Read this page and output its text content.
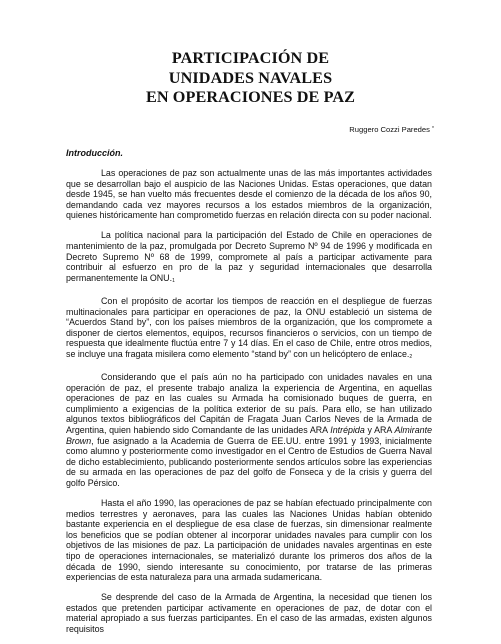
PARTICIPACIÓN DE
UNIDADES NAVALES
EN OPERACIONES DE PAZ
Ruggero Cozzi Paredes *
Introducción.

Las operaciones de paz son actualmente unas de las más importantes actividades que se desarrollan bajo el auspicio de las Naciones Unidas. Estas operaciones, que datan desde 1945, se han vuelto más frecuentes desde el comienzo de la década de los años 90, demandando cada vez mayores recursos a los estados miembros de la organización, quienes históricamente han comprometido fuerzas en relación directa con su poder nacional.

La política nacional para la participación del Estado de Chile en operaciones de mantenimiento de la paz, promulgada por Decreto Supremo Nº 94 de 1996 y modificada en Decreto Supremo Nº 68 de 1999, compromete al país a participar activamente para contribuir al esfuerzo en pro de la paz y seguridad internacionales que desarrolla permanentemente la ONU.1

Con el propósito de acortar los tiempos de reacción en el despliegue de fuerzas multinacionales para participar en operaciones de paz, la ONU estableció un sistema de “Acuerdos Stand by”, con los países miembros de la organización, que los compromete a disponer de ciertos elementos, equipos, recursos financieros o servicios, con un tiempo de respuesta que idealmente fluctúa entre 7 y 14 días. En el caso de Chile, entre otros medios, se incluye una fragata misilera como elemento “stand by” con un helicóptero de enlace.2

Considerando que el país aún no ha participado con unidades navales en una operación de paz, el presente trabajo analiza la experiencia de Argentina, en aquellas operaciones de paz en las cuales su Armada ha comisionado buques de guerra, en cumplimiento a exigencias de la política exterior de su país. Para ello, se han utilizado algunos textos bibliográficos del Capitán de Fragata Juan Carlos Neves de la Armada de Argentina, quien habiendo sido Comandante de las unidades ARA Intrépida y ARA Almirante Brown, fue asignado a la Academia de Guerra de EE.UU. entre 1991 y 1993, inicialmente como alumno y posteriormente como investigador en el Centro de Estudios de Guerra Naval de dicho establecimiento, publicando posteriormente sendos artículos sobre las experiencias de su armada en las operaciones de paz del golfo de Fonseca y de la crisis y guerra del golfo Pérsico.

Hasta el año 1990, las operaciones de paz se habían efectuado principalmente con medios terrestres y aeronaves, para las cuales las Naciones Unidas habían obtenido bastante experiencia en el despliegue de esa clase de fuerzas, sin dimensionar realmente los beneficios que se podían obtener al incorporar unidades navales para cumplir con los objetivos de las misiones de paz. La participación de unidades navales argentinas en este tipo de operaciones internacionales, se materializó durante los primeros dos años de la década de 1990, siendo interesante su conocimiento, por tratarse de las primeras experiencias de esta naturaleza para una armada sudamericana.

Se desprende del caso de la Armada de Argentina, la necesidad que tienen los estados que pretenden participar activamente en operaciones de paz, de dotar con el material apropiado a sus fuerzas participantes. En el caso de las armadas, existen algunos requisitos
